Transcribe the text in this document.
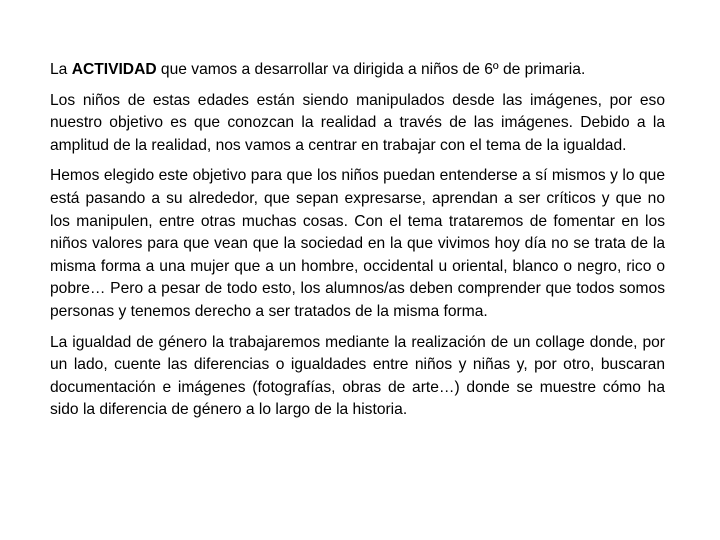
La ACTIVIDAD que vamos a desarrollar va dirigida a niños de 6º de primaria.

Los niños de estas edades están siendo manipulados desde las imágenes, por eso nuestro objetivo es que conozcan la realidad a través de las imágenes. Debido a la amplitud de la realidad, nos vamos a centrar en trabajar con el tema de la igualdad.

Hemos elegido este objetivo para que los niños puedan entenderse a sí mismos y lo que está pasando a su alrededor, que sepan expresarse, aprendan a ser críticos y que no los manipulen, entre otras muchas cosas. Con el tema trataremos de fomentar en los niños valores para que vean que la sociedad en la que vivimos hoy día no se trata de la misma forma a una mujer que a un hombre, occidental u oriental, blanco o negro, rico o pobre… Pero a pesar de todo esto, los alumnos/as deben comprender que todos somos personas y tenemos derecho a ser tratados de la misma forma.

La igualdad de género la trabajaremos mediante la realización de un collage donde, por un lado, cuente las diferencias o igualdades entre niños y niñas y, por otro, buscaran documentación e imágenes (fotografías, obras de arte…) donde se muestre cómo ha sido la diferencia de género a lo largo de la historia.
